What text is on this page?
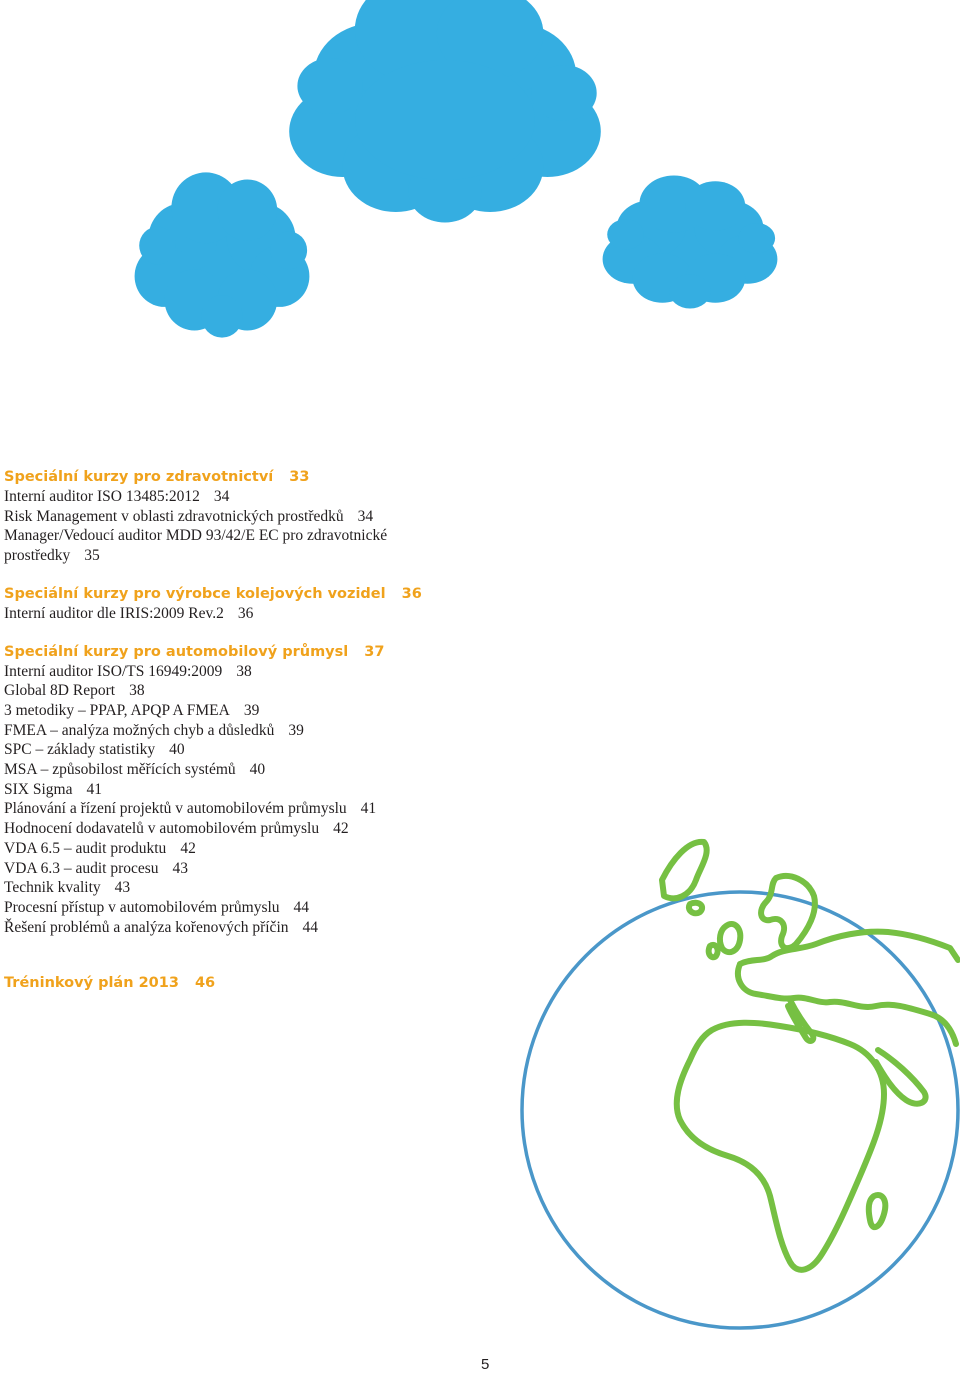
Speciální kurzy pro zdravotnictví 33
Interní auditor ISO 13485:2012 34
Risk Management v oblasti zdravotnických prostředků 34
Manager/Vedoucí auditor MDD 93/42/E EC pro zdravotnické prostředky 35
Speciální kurzy pro výrobce kolejových vozidel 36
Interní auditor dle IRIS:2009 Rev.2 36
Speciální kurzy pro automobilový průmysl 37
Interní auditor ISO/TS 16949:2009 38
Global 8D Report 38
3 metodiky – PPAP, APQP A FMEA 39
FMEA – analýza možných chyb a důsledků 39
SPC – základy statistiky 40
MSA – způsobilost měřících systémů 40
SIX Sigma 41
Plánování a řízení projektů v automobilovém průmyslu 41
Hodnocení dodavatelů v automobilovém průmyslu 42
VDA 6.5 – audit produktu 42
VDA 6.3 – audit procesu 43
Technik kvality 43
Procesní přístup v automobilovém průmyslu 44
Řešení problémů a analýza kořenových příčin 44
Tréninkový plán 2013 46
5
